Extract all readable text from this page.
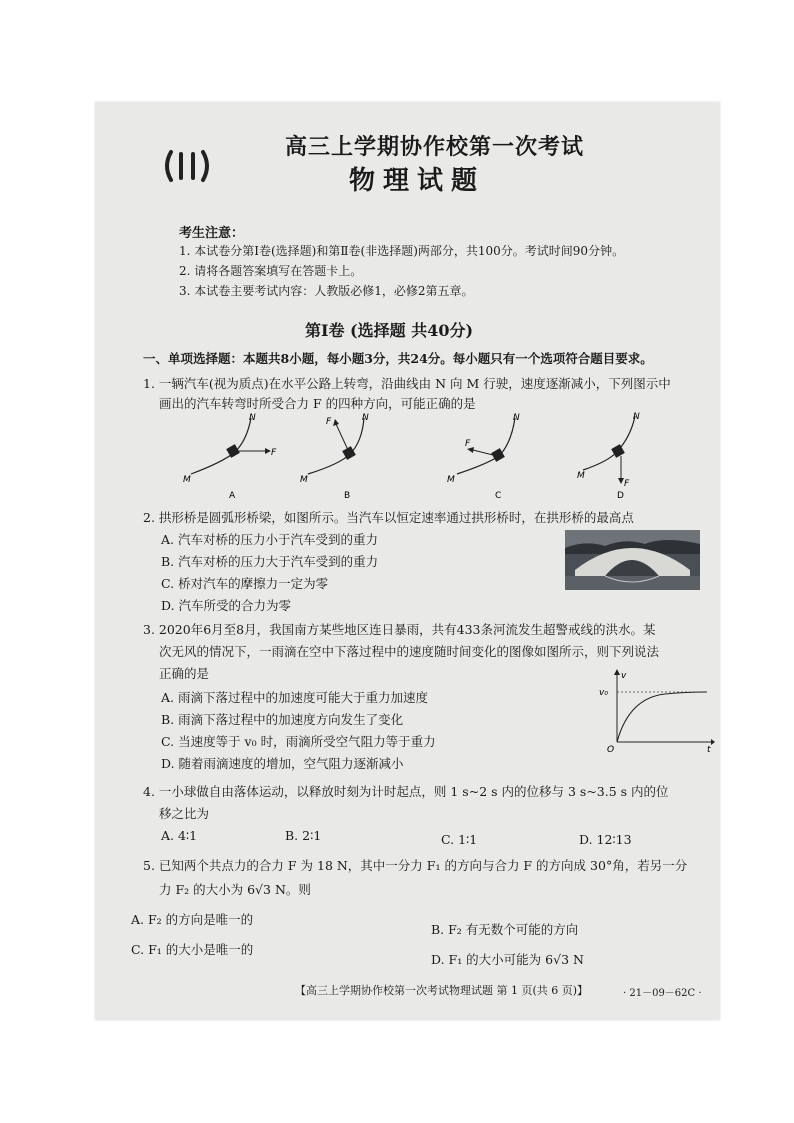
高三上学期协作校第一次考试
物理试题
考生注意：
1. 本试卷分第Ⅰ卷(选择题)和第Ⅱ卷(非选择题)两部分，共100分。考试时间90分钟。
2. 请将各题答案填写在答题卡上。
3. 本试卷主要考试内容：人教版必修1，必修2第五章。
第Ⅰ卷 (选择题 共40分)
一、单项选择题：本题共8小题，每小题3分，共24分。每小题只有一个选项符合题目要求。
1. 一辆汽车(视为质点)在水平公路上转弯，沿曲线由 N 向 M 行驶，速度逐渐减小，下列图示中
画出的汽车转弯时所受合力 F 的四种方向，可能正确的是
N
M
F
A
N
M
F
B
N
M
F
C
N
M
F
D
2. 拱形桥是圆弧形桥梁，如图所示。当汽车以恒定速率通过拱形桥时，在拱形桥的最高点
A. 汽车对桥的压力小于汽车受到的重力
B. 汽车对桥的压力大于汽车受到的重力
C. 桥对汽车的摩擦力一定为零
D. 汽车所受的合力为零
3. 2020年6月至8月，我国南方某些地区连日暴雨，共有433条河流发生超警戒线的洪水。某
次无风的情况下，一雨滴在空中下落过程中的速度随时间变化的图像如图所示，则下列说法
正确的是
A. 雨滴下落过程中的加速度可能大于重力加速度
B. 雨滴下落过程中的加速度方向发生了变化
C. 当速度等于 v₀ 时，雨滴所受空气阻力等于重力
D. 随着雨滴速度的增加，空气阻力逐渐减小
v
v₀
t
O
4. 一小球做自由落体运动，以释放时刻为计时起点，则 1 s~2 s 内的位移与 3 s~3.5 s 内的位
移之比为
A. 4∶1	B. 2∶1	C. 1∶1	D. 12∶13
5. 已知两个共点力的合力 F 为 18 N，其中一分力 F₁ 的方向与合力 F 的方向成 30°角，若另一分
力 F₂ 的大小为 6√3 N。则
A. F₂ 的方向是唯一的
B. F₂ 有无数个可能的方向
C. F₁ 的大小是唯一的
D. F₁ 的大小可能为 6√3 N
【高三上学期协作校第一次考试物理试题 第 1 页(共 6 页)】	· 21－09－62C ·
